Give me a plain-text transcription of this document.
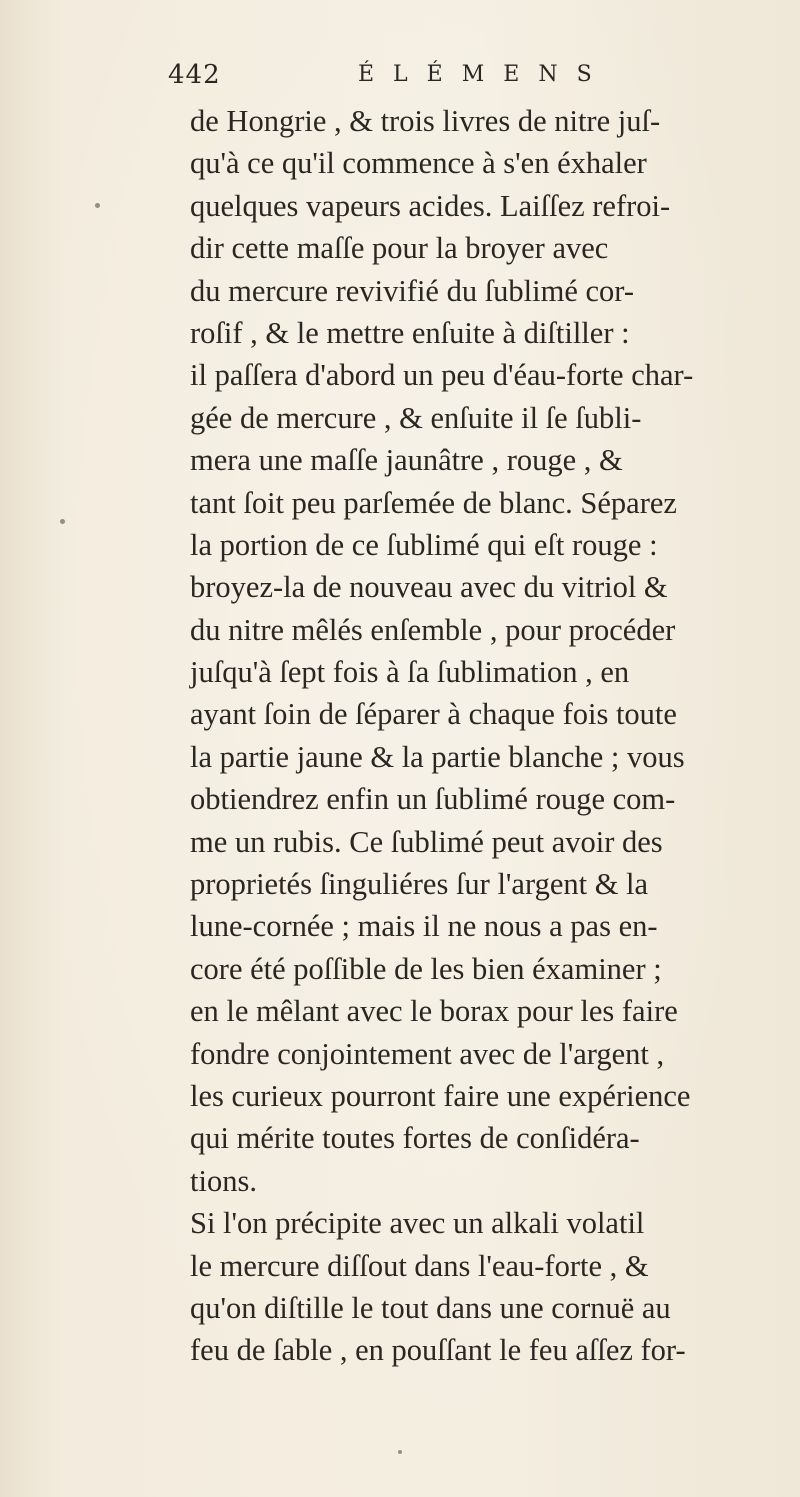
442	ÉLÉMENS
de Hongrie , & trois livres de nitre juſ-
qu'à ce qu'il commence à s'en éxhaler
quelques vapeurs acides. Laiſſez refroi-
dir cette maſſe pour la broyer avec
du mercure revivifié du ſublimé cor-
roſif , & le mettre enſuite à diſtiller :
il paſſera d'abord un peu d'éau-forte char-
gée de mercure , & enſuite il ſe ſubli-
mera une maſſe jaunâtre , rouge , &
tant ſoit peu parſemée de blanc. Séparez
la portion de ce ſublimé qui eſt rouge :
broyez-la de nouveau avec du vitriol &
du nitre mêlés enſemble , pour procéder
juſqu'à ſept fois à ſa ſublimation , en
ayant ſoin de ſéparer à chaque fois toute
la partie jaune & la partie blanche ; vous
obtiendrez enfin un ſublimé rouge com-
me un rubis. Ce ſublimé peut avoir des
proprietés ſinguliéres ſur l'argent & la
lune-cornée ; mais il ne nous a pas en-
core été poſſible de les bien éxaminer ;
en le mêlant avec le borax pour les faire
fondre conjointement avec de l'argent ,
les curieux pourront faire une expérience
qui mérite toutes fortes de conſidéra-
tions.
Si l'on précipite avec un alkali volatil
le mercure diſſout dans l'eau-forte , &
qu'on diſtille le tout dans une cornuë au
feu de ſable , en pouſſant le feu aſſez for-
